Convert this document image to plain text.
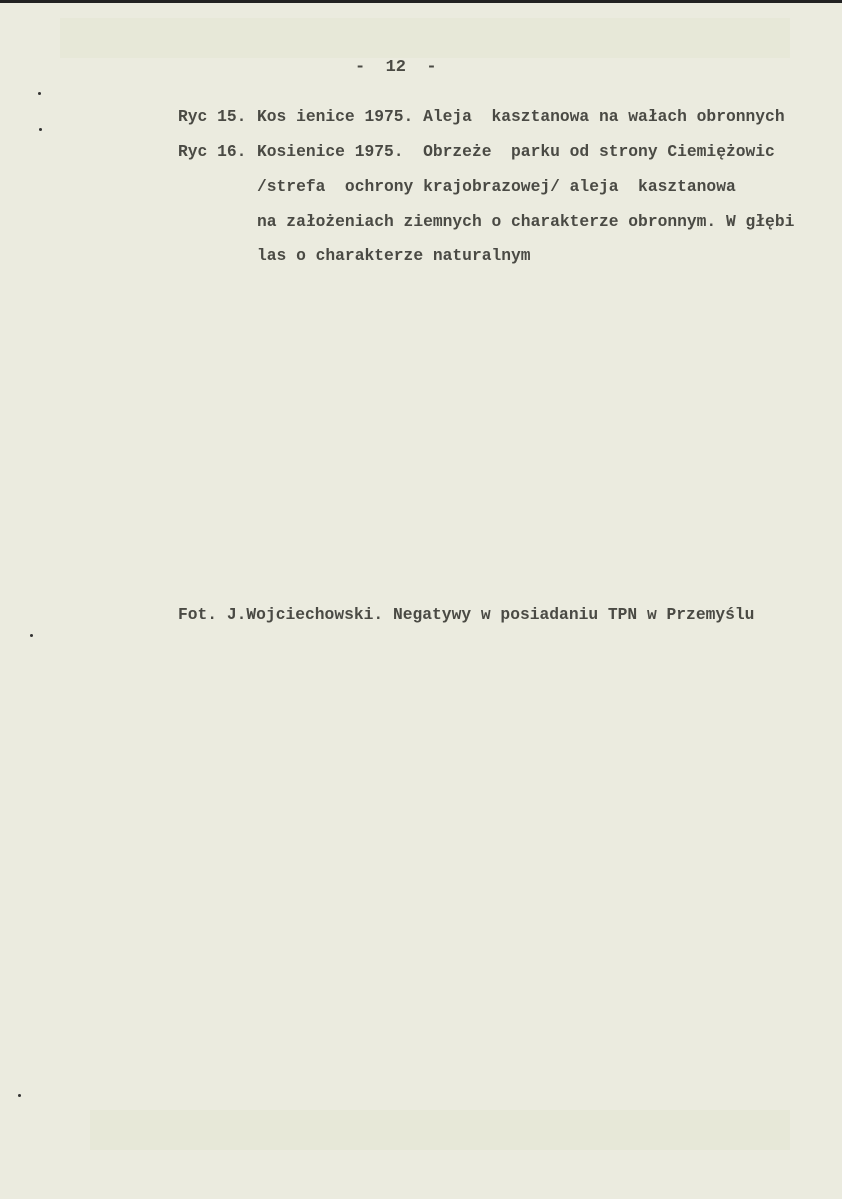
-  12  -
Ryc 15. Kos ienice 1975. Aleja  kasztanowa na wałach obronnych
Ryc 16. Kosienice 1975.  Obrzeże  parku od strony Ciemiężowic
/strefa  ochrony krajobrazowej/ aleja  kasztanowa
na założeniach ziemnych o charakterze obronnym. W głębi
las o charakterze naturalnym
Fot. J.Wojciechowski. Negatywy w posiadaniu TPN w Przemyślu
